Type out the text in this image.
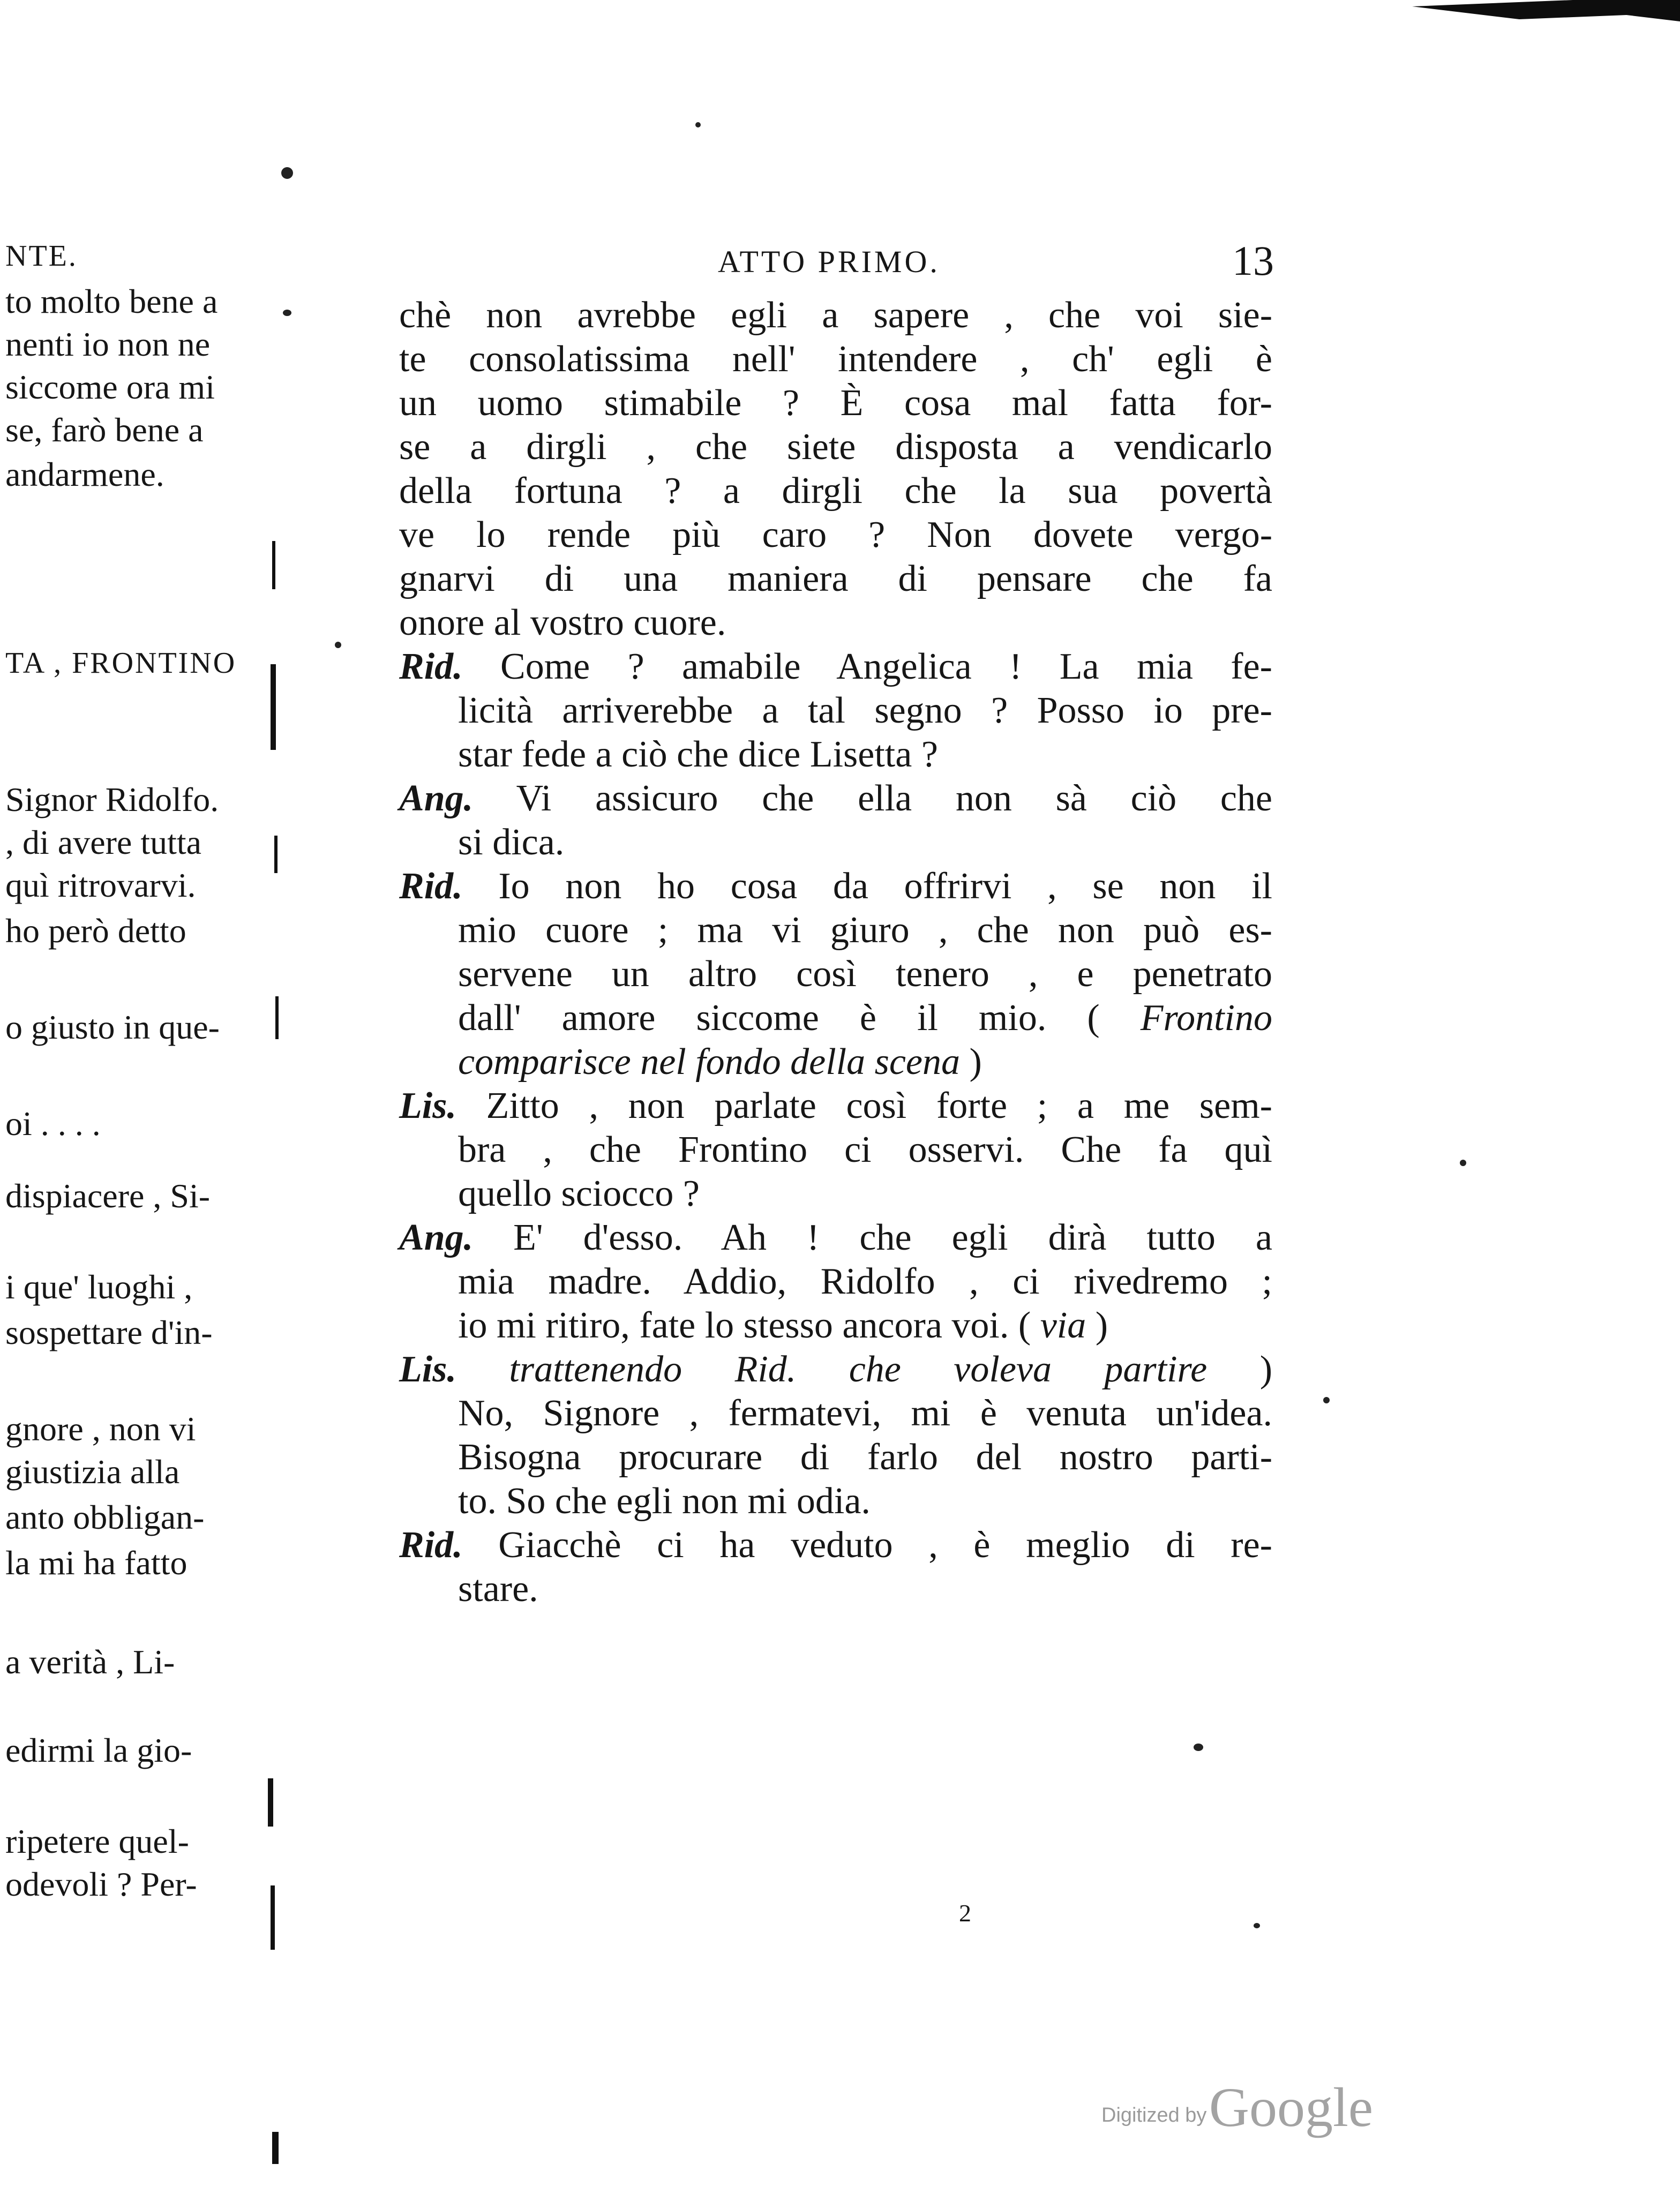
NTE.
to molto bene a
nenti io non ne
siccome ora mi
se, farò bene a
andarmene.
TA , FRONTINO
Signor Ridolfo.
, di avere tutta
quì ritrovarvi.
ho però detto
o giusto in que-
oi . . . .
dispiacere , Si-
i que' luoghi ,
sospettare d'in-
gnore , non vi
giustizia alla
anto obbligan-
la mi ha fatto
a verità , Li-
edirmi la gio-
ripetere quel-
odevoli ? Per-
ATTO PRIMO.	13
chè non avrebbe egli a sapere , che voi sie-
te consolatissima nell' intendere , ch' egli è
un uomo stimabile ? È cosa mal fatta for-
se a dirgli , che siete disposta a vendicarlo
della fortuna ? a dirgli che la sua povertà
ve lo rende più caro ? Non dovete vergo-
gnarvi di una maniera di pensare che fa
onore al vostro cuore.
Rid. Come ? amabile Angelica ! La mia fe-
licità arriverebbe a tal segno ? Posso io pre-
star fede a ciò che dice Lisetta ?
Ang. Vi assicuro che ella non sà ciò che
si dica.
Rid. Io non ho cosa da offrirvi , se non il
mio cuore ; ma vi giuro , che non può es-
servene un altro così tenero , e penetrato
dall' amore siccome è il mio. ( Frontino
comparisce nel fondo della scena )
Lis. Zitto , non parlate così forte ; a me sem-
bra , che Frontino ci osservi. Che fa quì
quello sciocco ?
Ang. E' d'esso. Ah ! che egli dirà tutto a
mia madre. Addio, Ridolfo , ci rivedremo ;
io mi ritiro, fate lo stesso ancora voi. ( via )
Lis. trattenendo Rid. che voleva partire )
No, Signore , fermatevi, mi è venuta un'idea.
Bisogna procurare di farlo del nostro parti-
to. So che egli non mi odia.
Rid. Giacchè ci ha veduto , è meglio di re-
stare.
2
Digitized by Google
